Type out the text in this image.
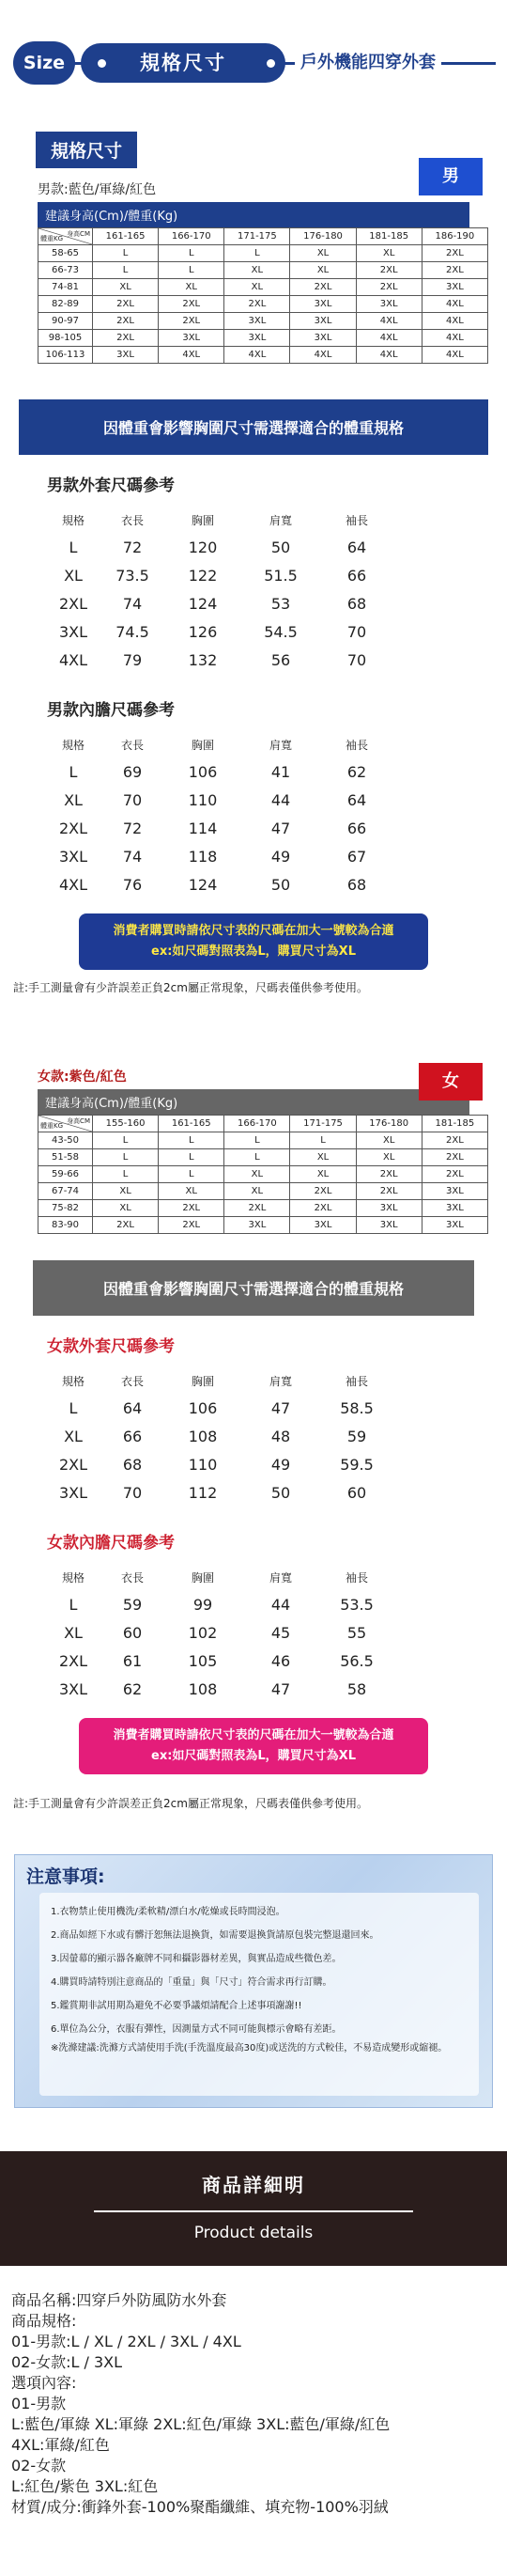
Size	規格尺寸	戶外機能四穿外套
男
規格尺寸
男款:藍色/軍綠/紅色
建議身高(Cm)/體重(Kg)
身高CM
體重KG	161-165	166-170	171-175	176-180	181-185	186-190
58-65	L	L	L	XL	XL	2XL
66-73	L	L	XL	XL	2XL	2XL
74-81	XL	XL	XL	2XL	2XL	3XL
82-89	2XL	2XL	2XL	3XL	3XL	4XL
90-97	2XL	2XL	3XL	3XL	4XL	4XL
98-105	2XL	3XL	3XL	3XL	4XL	4XL
106-113	3XL	4XL	4XL	4XL	4XL	4XL
因體重會影響胸圍尺寸需選擇適合的體重規格
男款外套尺碼參考
規格	衣長	胸圍	肩寬	袖長
L	72	120	50	64
XL	73.5	122	51.5	66
2XL	74	124	53	68
3XL	74.5	126	54.5	70
4XL	79	132	56	70
男款內膽尺碼參考
規格	衣長	胸圍	肩寬	袖長
L	69	106	41	62
XL	70	110	44	64
2XL	72	114	47	66
3XL	74	118	49	67
4XL	76	124	50	68
消費者購買時請依尺寸表的尺碼在加大一號較為合適
ex:如尺碼對照表為L，購買尺寸為XL
註:手工測量會有少許誤差正負2cm屬正常現象，尺碼表僅供參考使用。
女
女款:紫色/紅色
建議身高(Cm)/體重(Kg)
身高CM
體重KG	155-160	161-165	166-170	171-175	176-180	181-185
43-50	L	L	L	L	XL	2XL
51-58	L	L	L	XL	XL	2XL
59-66	L	L	XL	XL	2XL	2XL
67-74	XL	XL	XL	2XL	2XL	3XL
75-82	XL	2XL	2XL	2XL	3XL	3XL
83-90	2XL	2XL	3XL	3XL	3XL	3XL
因體重會影響胸圍尺寸需選擇適合的體重規格
女款外套尺碼參考
規格	衣長	胸圍	肩寬	袖長
L	64	106	47	58.5
XL	66	108	48	59
2XL	68	110	49	59.5
3XL	70	112	50	60
女款內膽尺碼參考
規格	衣長	胸圍	肩寬	袖長
L	59	99	44	53.5
XL	60	102	45	55
2XL	61	105	46	56.5
3XL	62	108	47	58
消費者購買時請依尺寸表的尺碼在加大一號較為合適
ex:如尺碼對照表為L，購買尺寸為XL
註:手工測量會有少許誤差正負2cm屬正常現象，尺碼表僅供參考使用。
注意事項:
1.衣物禁止使用機洗/柔軟精/漂白水/乾燥或長時間浸泡。
2.商品如經下水或有髒汙恕無法退換貨，如需要退換貨請原包裝完整退還回來。
3.因螢幕的顯示器各廠牌不同和攝影器材差異，與實品造成些微色差。
4.購買時請特別注意商品的「重量」與「尺寸」符合需求再行訂購。
5.鑑賞期非試用期為避免不必要爭議煩請配合上述事項謝謝!!
6.單位為公分，衣服有彈性，因測量方式不同可能與標示會略有差距。
※洗滌建議:洗滌方式請使用手洗(手洗溫度最高30度)或送洗的方式較佳，不易造成變形或縮褪。
商品詳細明
Product details
商品名稱:四穿戶外防風防水外套
商品規格:
01-男款:L / XL / 2XL / 3XL / 4XL
02-女款:L / 3XL
選項內容:
01-男款
L:藍色/軍綠 XL:軍綠 2XL:紅色/軍綠 3XL:藍色/軍綠/紅色
4XL:軍綠/紅色
02-女款
L:紅色/紫色 3XL:紅色
材質/成分:衝鋒外套-100%聚酯纖維、填充物-100%羽絨
